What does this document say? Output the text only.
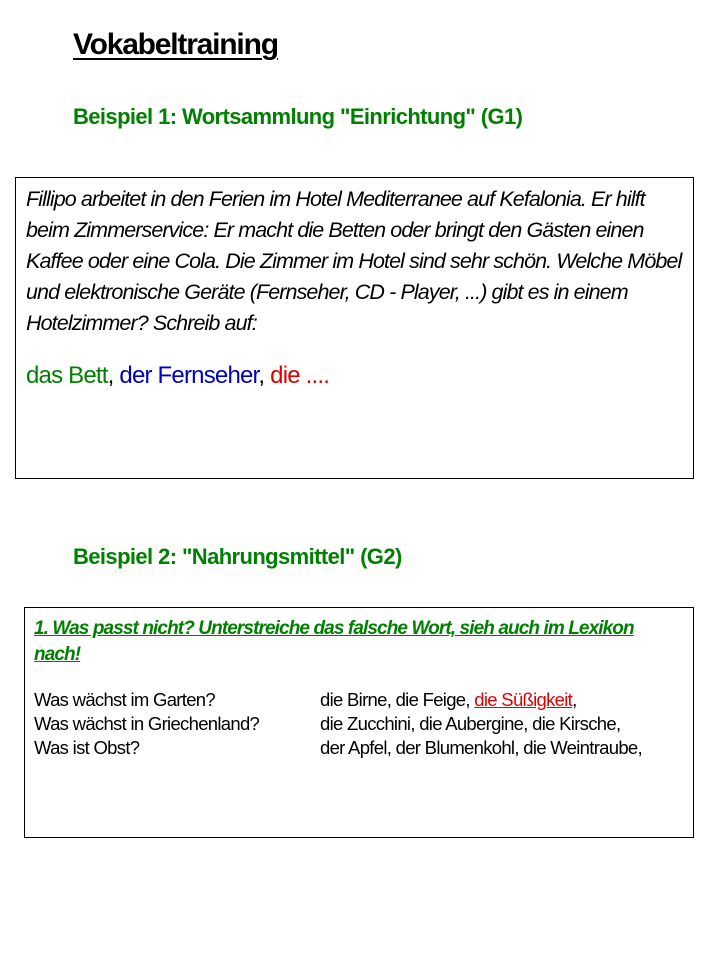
Vokabeltraining
Beispiel 1: Wortsammlung "Einrichtung" (G1)

Fillipo arbeitet in den Ferien im Hotel Mediterranee auf Kefalonia. Er hilft beim Zimmerservice: Er macht die Betten oder bringt den Gästen einen Kaffee oder eine Cola. Die Zimmer im Hotel sind sehr schön. Welche Möbel und elektronische Geräte (Fernseher, CD - Player, ...) gibt es in einem Hotelzimmer? Schreib auf:

das Bett, der Fernseher, die ....

Beispiel 2: "Nahrungsmittel" (G2)

1. Was passt nicht? Unterstreiche das falsche Wort, sieh auch im Lexikon nach!

Was wächst im Garten?	die Birne, die Feige, die Süßigkeit,
Was wächst in Griechenland?	die Zucchini, die Aubergine, die Kirsche,
Was ist Obst?	der Apfel, der Blumenkohl, die Weintraube,
